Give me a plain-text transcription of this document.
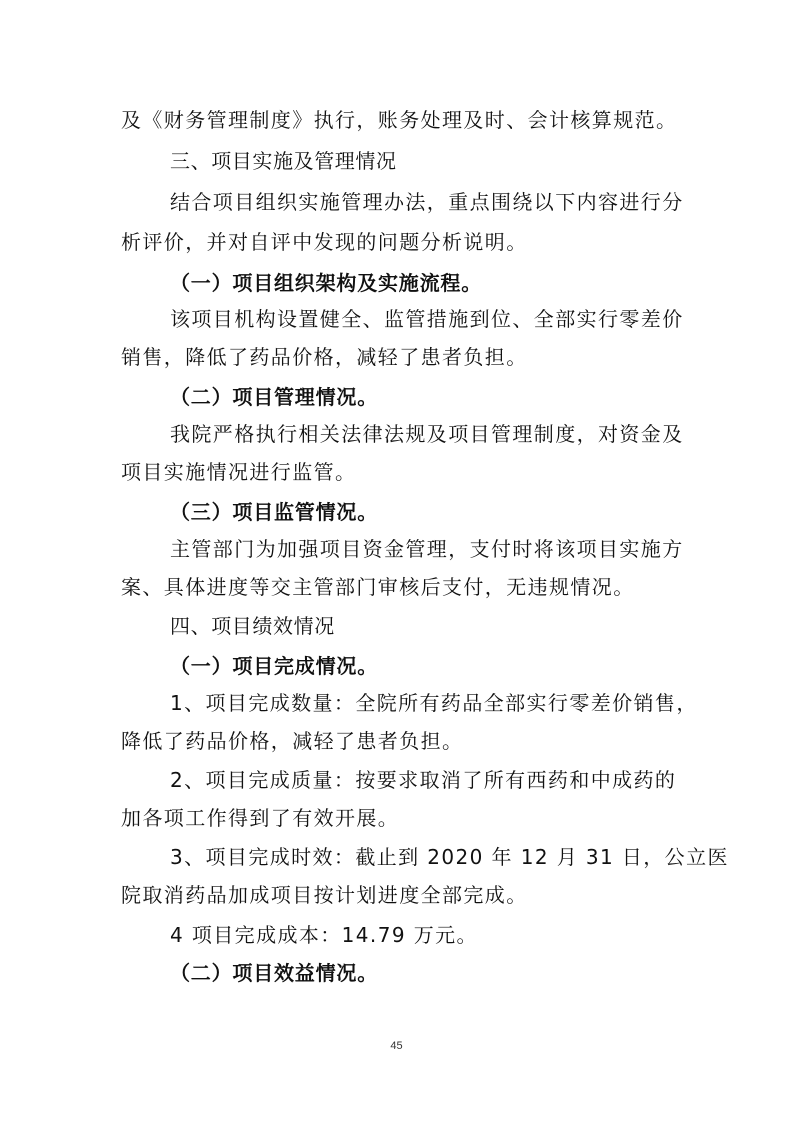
及《财务管理制度》执行，账务处理及时、会计核算规范。
三、项目实施及管理情况
结合项目组织实施管理办法，重点围绕以下内容进行分
析评价，并对自评中发现的问题分析说明。
（一）项目组织架构及实施流程。
该项目机构设置健全、监管措施到位、全部实行零差价
销售，降低了药品价格，减轻了患者负担。
（二）项目管理情况。
我院严格执行相关法律法规及项目管理制度，对资金及
项目实施情况进行监管。
（三）项目监管情况。
主管部门为加强项目资金管理，支付时将该项目实施方
案、具体进度等交主管部门审核后支付，无违规情况。
四、项目绩效情况
（一）项目完成情况。
1、项目完成数量：全院所有药品全部实行零差价销售，
降低了药品价格，减轻了患者负担。
2、项目完成质量：按要求取消了所有西药和中成药的
加各项工作得到了有效开展。
3、项目完成时效：截止到 2020 年 12 月 31 日，公立医
院取消药品加成项目按计划进度全部完成。
4 项目完成成本：14.79 万元。
（二）项目效益情况。
45
